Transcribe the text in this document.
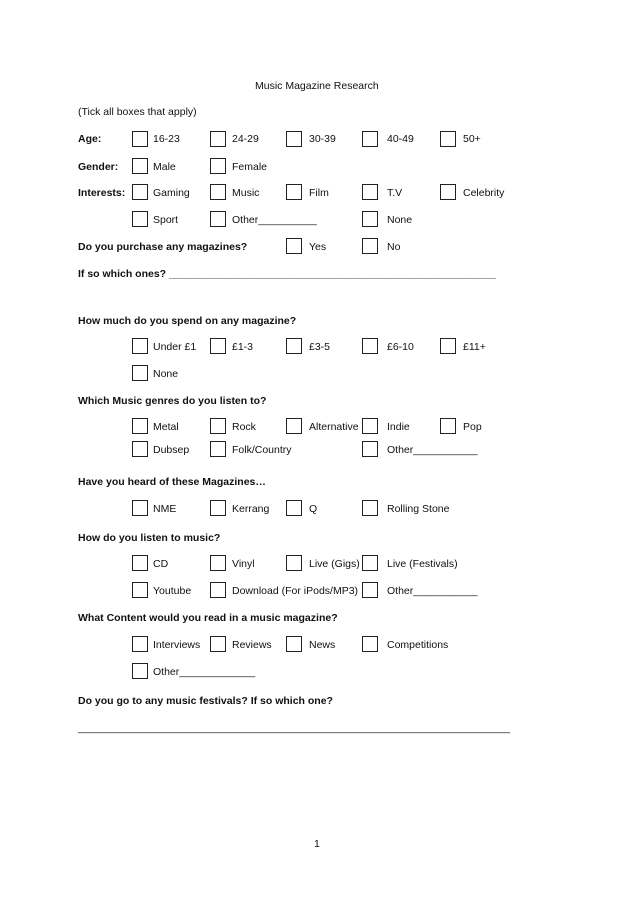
Music Magazine Research
(Tick all boxes that apply)
Age:	16-23	24-29	30-39	40-49	50+
Gender:	Male	Female
Interests:	Gaming	Music	Film	T.V	Celebrity
Sport	Other__________	None
Do you purchase any magazines?	Yes	No
If so which ones? ________________________________________________________
How much do you spend on any magazine?
Under £1	£1-3	£3-5	£6-10	£11+
None
Which Music genres do you listen to?
Metal	Rock	Alternative	Indie	Pop
Dubsep	Folk/Country	Other___________
Have you heard of these Magazines…
NME	Kerrang	Q	Rolling Stone
How do you listen to music?
CD	Vinyl	Live (Gigs)	Live (Festivals)
Youtube	Download (For iPods/MP3)	Other___________
What Content would you read in a music magazine?
Interviews	Reviews	News	Competitions
Other_____________
Do you go to any music festivals? If so which one?
__________________________________________________________________________
1
